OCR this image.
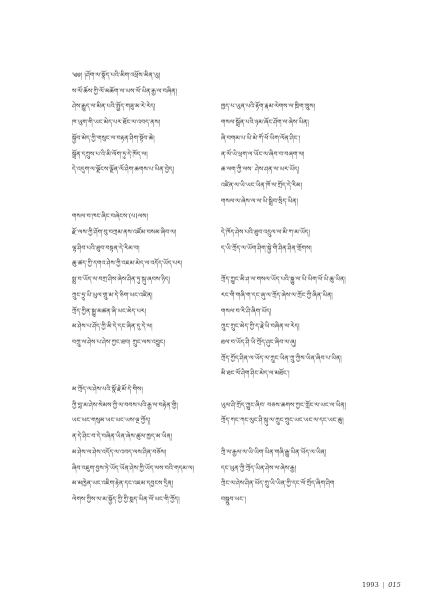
༄༅། །ཤོག་ལ་སྣོད་པའི་མིག་འཕྲོས་མིན་ཡུ།
ས་ལོ་ཆོས་ཀྱི་ལོ་མཆོག་ལ་ཡས་ལོ་ཡིན་རྒྱ་ལ་བཞིན།
ཤེས་རྒྱུད་ལ་མིན་པའི་སྤྱོད་གཟུ་མ་རེ་རེད།
ཁ་ཡུག་གི་ཡང་མེད་པར་ཐོང་ལ་འབད་ནས།
སྐྱོབ་མེད་ཀྱི་གསུང་ལ་བརྟན་ཤིག་སྟོབ་ཆེ།
སྒྲོན་དཀྲུས་པ་འི་མི་ལོག་ཏུ་དེ་ཁོད་ལ།
དེ་འདུག་ལ་ལྗོངས་ལྗོན་ལོ་ཤིག་ཆགས་པ་ཡིན་བྱེད།
གསལ་བ་ཁང་ཞིང་བཞེངས་(པ)ལས།
རྫོ་ལས་ཀྱི་ཤོག་བུ་བཀྲམ་ནས་འཛོམ་བསམ་ཞིབ་ལ།
ལྷ་ཤིབ་པའི་ཐུབ་བསྟན་དེ་རིམ་བ།
ཆུ་ཚད་ཀྱི་དགའ་ཤེས་ཀྱི་འཇམ་མེད་ལ་འདོད་ཡོད་པར།
སྨྲ་བ་ཡོད་ལ་བཀྲ་ཤིས་ཞེས་ཤིན་ཏུ་སྐུ་ཞབས་ཉིད།
ཀྲུང་ཧྲུ་ཡི་ཡུལ་གྲུ་མ་དེ་ཅིག་ཡང་འཛིན།
ཀྲོད་ཀྱིན་སྐྱུ་མཚན་ཞི་ཡང་མེད་པར།
མ་ཤེས་པ་ཤོད་ཀྱི་མི་དེ་དང་ཞིན་དུ་དེ་ལ།
བཀྲུ་ལ་ཤེས་པ་ཤེས་ཀྱང་ཐབ། ཀྲུང་ལས་འབྱུང།
མ་ཀྲོད་ལ་ཤེས་པའི་སྣོ་རྗེ་མོ་དེ་གིས།
ཀྱི་བླ་མ་ཤེས་སེམས་ཀྱི་ལ་བབས་པའི་རྒྱ་ལ་བརྟེན་གྱི།
ཡང་ཡང་གསུམ་ཡང་ཡང་ཡས་ལྔ་ཀྱོད།
ན་དེ་ཤིང་བ་དེ་བཞིན་ཡིན་ཞེས་ཚུལ་ཁྱད་མ་ཡིན།
མ་ཤེས་ལ་ཤེས་འདོད་ལ་འབད་ལས་ཤིན་བཅོས།
ཞིབ་འཇུག་བྱས་ཏེ་ཡོད་ཡོན་ཤེས་ཀྱི་ཡོད་ལས་བའི་གདམ་ལ།
མ་མཁྱེན་ཡང་འཇིག་རྟེན་དང་འཇམ་དབྱངས་དྲིན།
ལེགས་ཀྱིས་ལ་མ་སྐྱོད་ཀྱི་ཀྱི་སྨད་ཡིན་ལོ་ཡང་གི་ཀྱོད།
ཁྱད་པ་ཡུན་པའི་རྟོག་རྣམ་ལེགས་ལ་ཁྲིག་ཁྲུས།
གསལ་སྒྲོན་པའི་ཉམ་ཞོང་ཤོག་ལ་ཞེས་ཡིན།
ཞི་བགམ་པ་ཡི་མེ་ཀོ་ཕོ་ཡིག་ལོན་ཤིང་།
ན་ལོ་ཡི་ཕྲག་ལ་ཡོང་ལ་ཞིབ་བ་བཞག་ལ།
ཆ་ལག་ཀྱི་ལས་ ཤེས་ཤན་ལ་ཡར་ཡོད།
འཛིན་ལ་ཡི་ཡང་ཡིན་ཁོ་ལ་ཀྲོད་དེ་རིམ།
གསལ་ལ་ཞེས་ལ་ལ་ཡི་སྒྲིབ་སྲིད་ཡིན།
དེ་ཁོད་ཤེས་པའི་ཐུབ་འདྲུལ་ལ་མི་ཀ་མ་ཡོད།
ད་ཡི་ཀྲོད་ལ་ཡོག་ཤིག་སྐྱེ་གི་ཤིན་ཤིན་གྲོགས།
ཀྲོད་ཀྱུང་མི་ཤ་ལ་གསལ་ཡོད་པའི་སྐྱུ་ལ་ཡི་ཡིག་ཕོ་ཡི་ཆུ་ཡིན།
རང་གི་གཞི་ག་དང་ཞུ་ལ་ཀྲོད་ཞེས་ལ་ཀྲོང་ཀྱི་ཞིན་ཡིན།
གསལ་བ་རི་ཤི་ཞིག་ཡོད།
ཀྲུང་ཀྲུང་མེད་ཀྱི་ད་རྗེ་ཡི་བཞིན་ལ་རེད།
ཐལ་བ་ཡོད་ཤི་ཡི་ཀྲོད་ཤུང་ཞིབ་ལ་ཞུ།
ཀྲོད་ཀྱོད་ཤིན་ལ་ཡོད་ལ་ཀྲུང་ཡིན་ཀྲུ་ཀྱིས་ཡིན་ཞིབ་པ་ཡིན།
མི་ཐང་ལོ་ཤིག་ཤིང་མེད་ལ་མཐོང་།
ཡུལ་ཤི་ཀྲོད་ཀྱུང་ཞིབ་ བཅས་ཆགས་ཀྱང་ཀློང་ལ་ཡང་ལ་ཡིན།
ཀྲོད་ཀང་ཀང་ལུང་ཤི་སྐུ་ལ་ཀྲུང་ཀྲུང་ཡང་ཡང་ལ་དང་ཡང་ཆུ།
ཀྲི་ལ་རྒྱལ་ལ་ཡི་ཡིག་ཡིན་གཞི་རྒྱུ་ཡིན་ཡོད་ལ་ཡིན།
དང་ཡུན་ཀྱི་ཀྲོད་ཡིན་ཤེས་ལ་ཞེས་རྒྱ།
ཀྲིང་ལ་ཤེས་ཤིན་ཡོད་ཀྲུ་ཡི་ཡིན་ཀྱི་དང་ལོ་ཀྲོད་ཞིག་ཤིག
བསྒྲུབ་ཡང་།
1993 | 015
